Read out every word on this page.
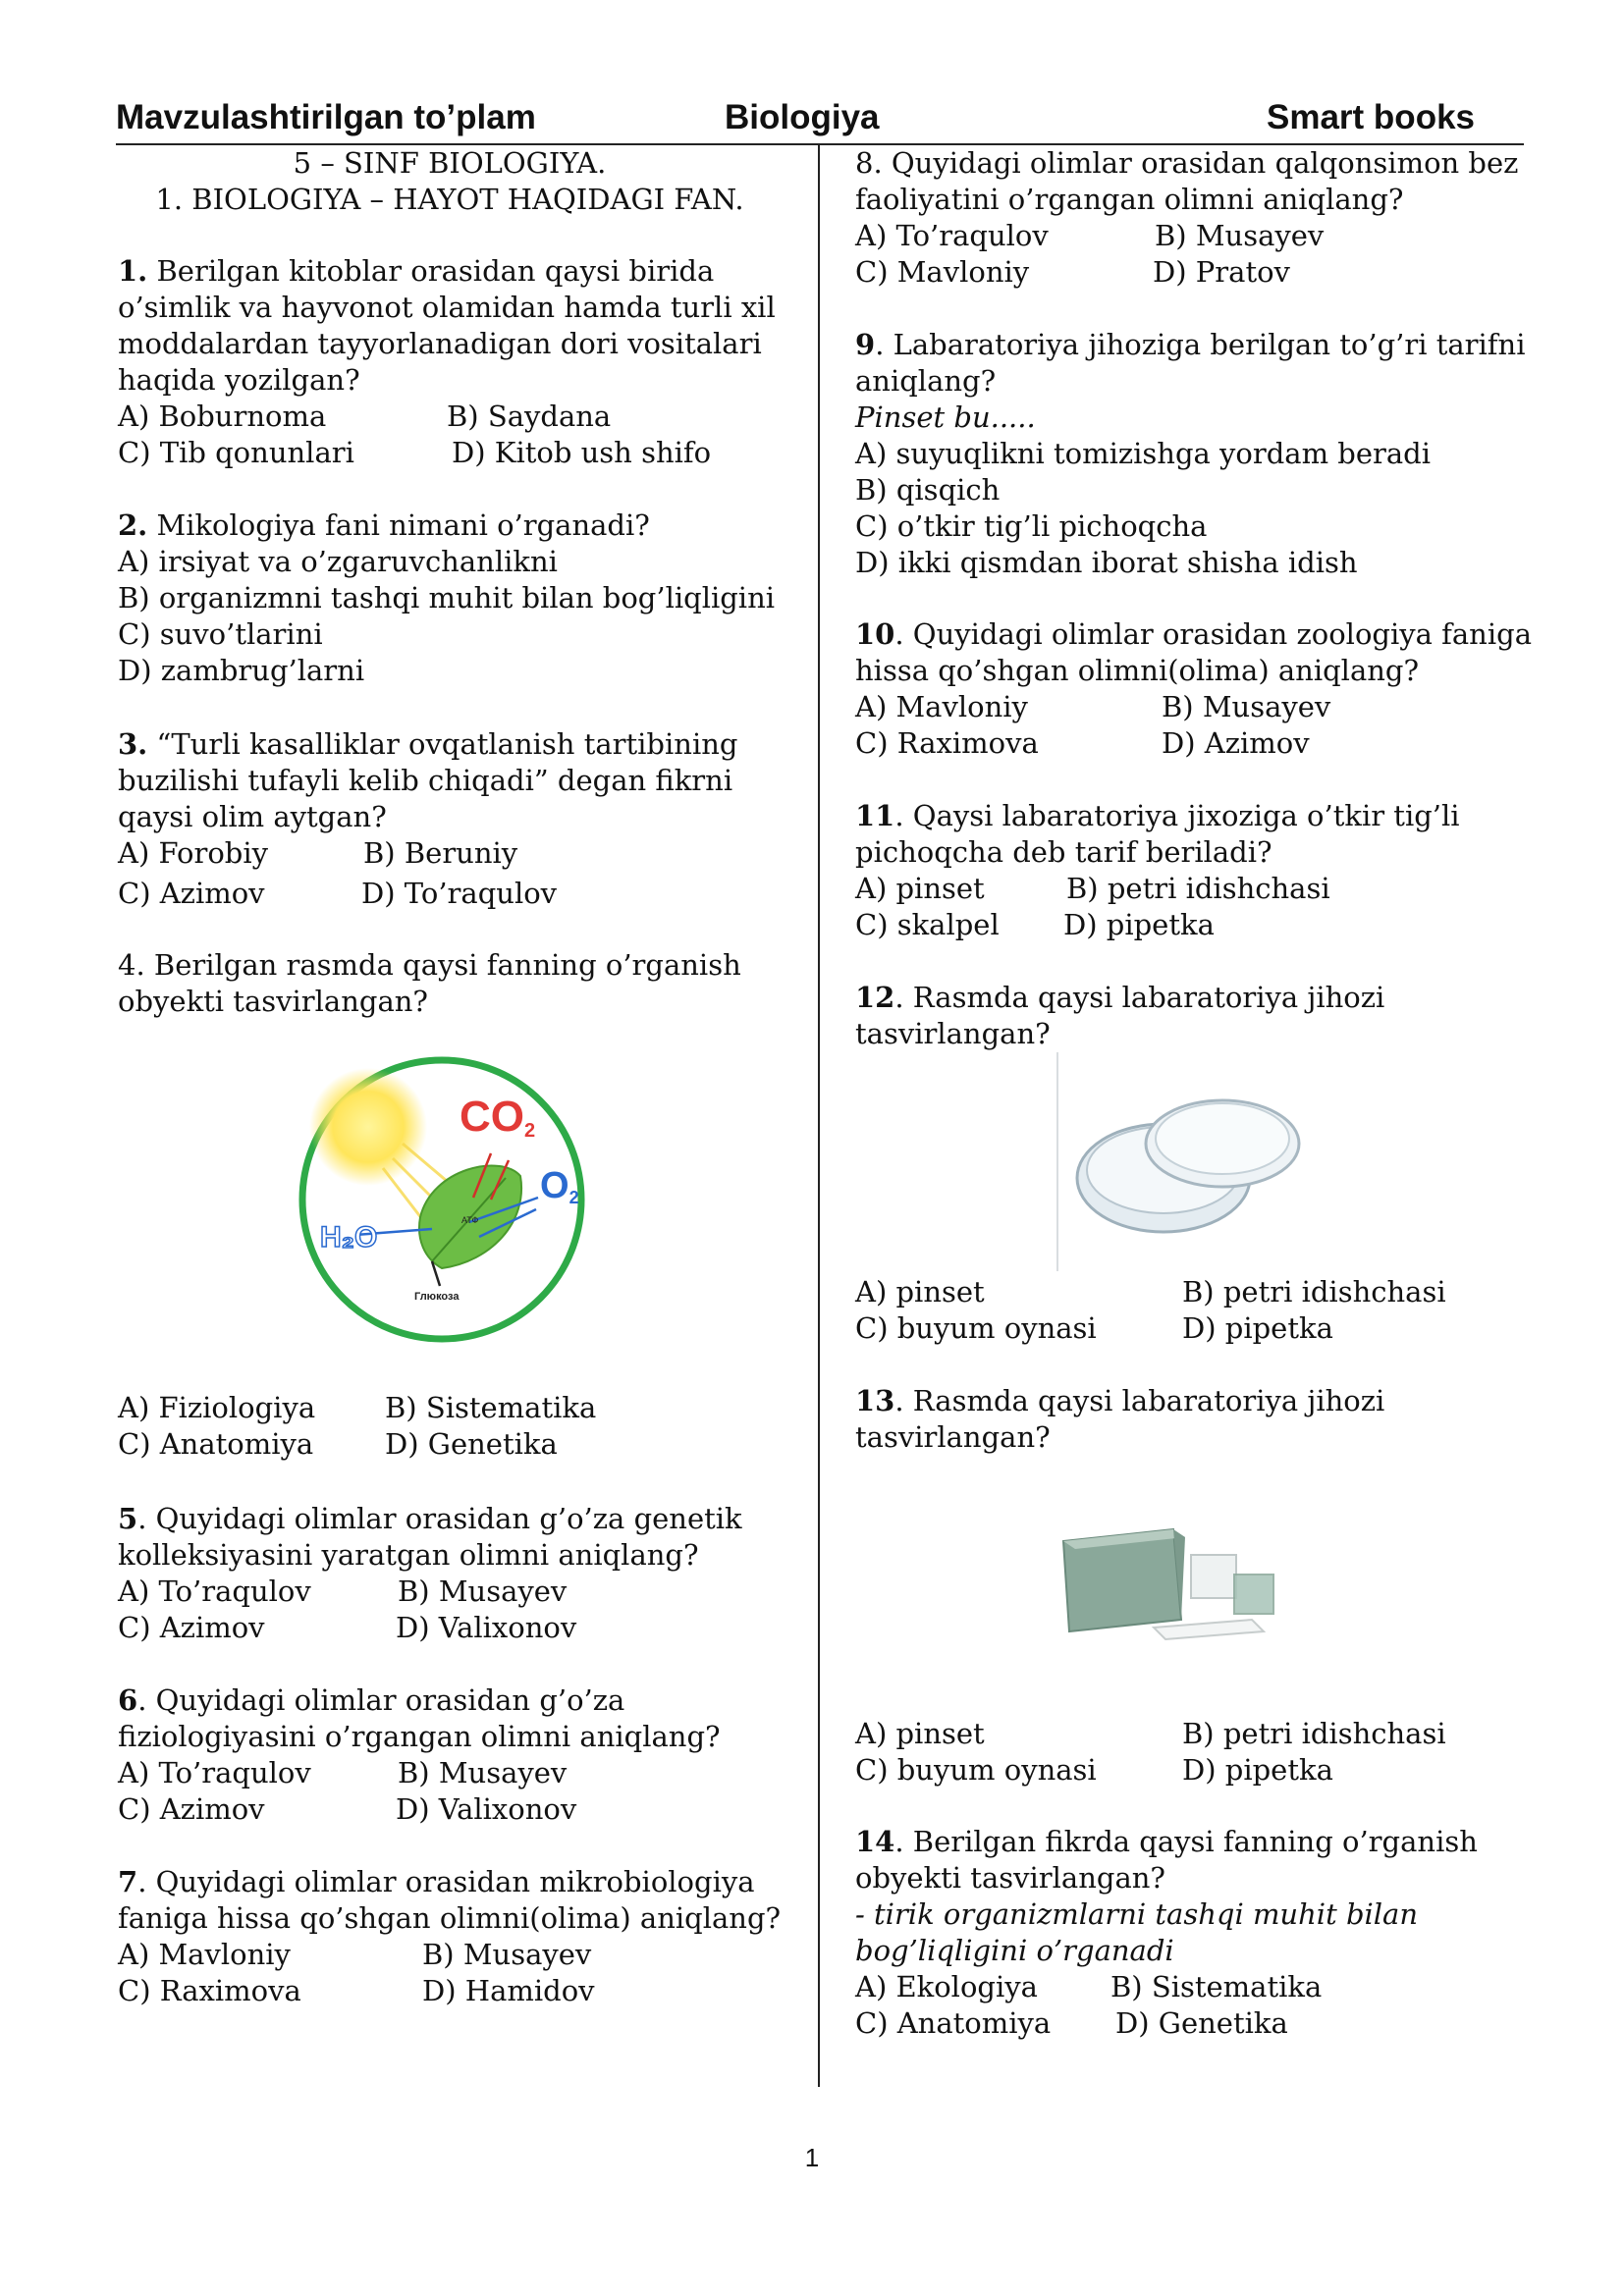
Mavzulashtirilgan to’plam	Biologiya	Smart books
5 – SINF BIOLOGIYA.
1. BIOLOGIYA – HAYOT HAQIDAGI FAN.
1. Berilgan kitoblar orasidan qaysi birida
o’simlik va hayvonot olamidan hamda turli xil
moddalardan tayyorlanadigan dori vositalari
haqida yozilgan?
A) Boburnoma	B) Saydana
C) Tib qonunlari	D) Kitob ush shifo
2. Mikologiya fani nimani o’rganadi?
A) irsiyat va o’zgaruvchanlikni
B) organizmni tashqi muhit bilan bog’liqligini
C) suvo’tlarini
D) zambrug’larni
3. “Turli kasalliklar ovqatlanish tartibining
buzilishi tufayli kelib chiqadi” degan fikrni
qaysi olim aytgan?
A) Forobiy	B) Beruniy
C) Azimov	D) To’raqulov
4. Berilgan rasmda qaysi fanning o’rganish
obyekti tasvirlangan?
CO2
O2
H₂O
АТФ
Глюкоза
A) Fiziologiya B) Sistematika
C) Anatomiya	D) Genetika
5. Quyidagi olimlar orasidan g’o’za genetik
kolleksiyasini yaratgan olimni aniqlang?
A) To’raqulov	B) Musayev
C) Azimov	D) Valixonov
6. Quyidagi olimlar orasidan g’o’za
fiziologiyasini o’rgangan olimni aniqlang?
A) To’raqulov	B) Musayev
C) Azimov	D) Valixonov
7. Quyidagi olimlar orasidan mikrobiologiya
faniga hissa qo’shgan olimni(olima) aniqlang?
A) Mavloniy	B) Musayev
C) Raximova	D) Hamidov
8. Quyidagi olimlar orasidan qalqonsimon bez
faoliyatini o’rgangan olimni aniqlang?
A) To’raqulov	B) Musayev
C) Mavloniy	D) Pratov
9. Labaratoriya jihoziga berilgan to’g’ri tarifni
aniqlang?
Pinset bu.....
A) suyuqlikni tomizishga yordam beradi
B) qisqich
C) o’tkir tig’li pichoqcha
D) ikki qismdan iborat shisha idish
10. Quyidagi olimlar orasidan zoologiya faniga
hissa qo’shgan olimni(olima) aniqlang?
A) Mavloniy	B) Musayev
C) Raximova	D) Azimov
11. Qaysi labaratoriya jixoziga o’tkir tig’li
pichoqcha deb tarif beriladi?
A) pinset	B) petri idishchasi
C) skalpel D) pipetka
12. Rasmda qaysi labaratoriya jihozi
tasvirlangan?
A) pinset	B) petri idishchasi
C) buyum oynasi	D) pipetka
13. Rasmda qaysi labaratoriya jihozi
tasvirlangan?
A) pinset	B) petri idishchasi
C) buyum oynasi	D) pipetka
14. Berilgan fikrda qaysi fanning o’rganish
obyekti tasvirlangan?
- tirik organizmlarni tashqi muhit bilan
bog’liqligini o’rganadi
A) Ekologiya	B) Sistematika
C) Anatomiya D) Genetika
1
